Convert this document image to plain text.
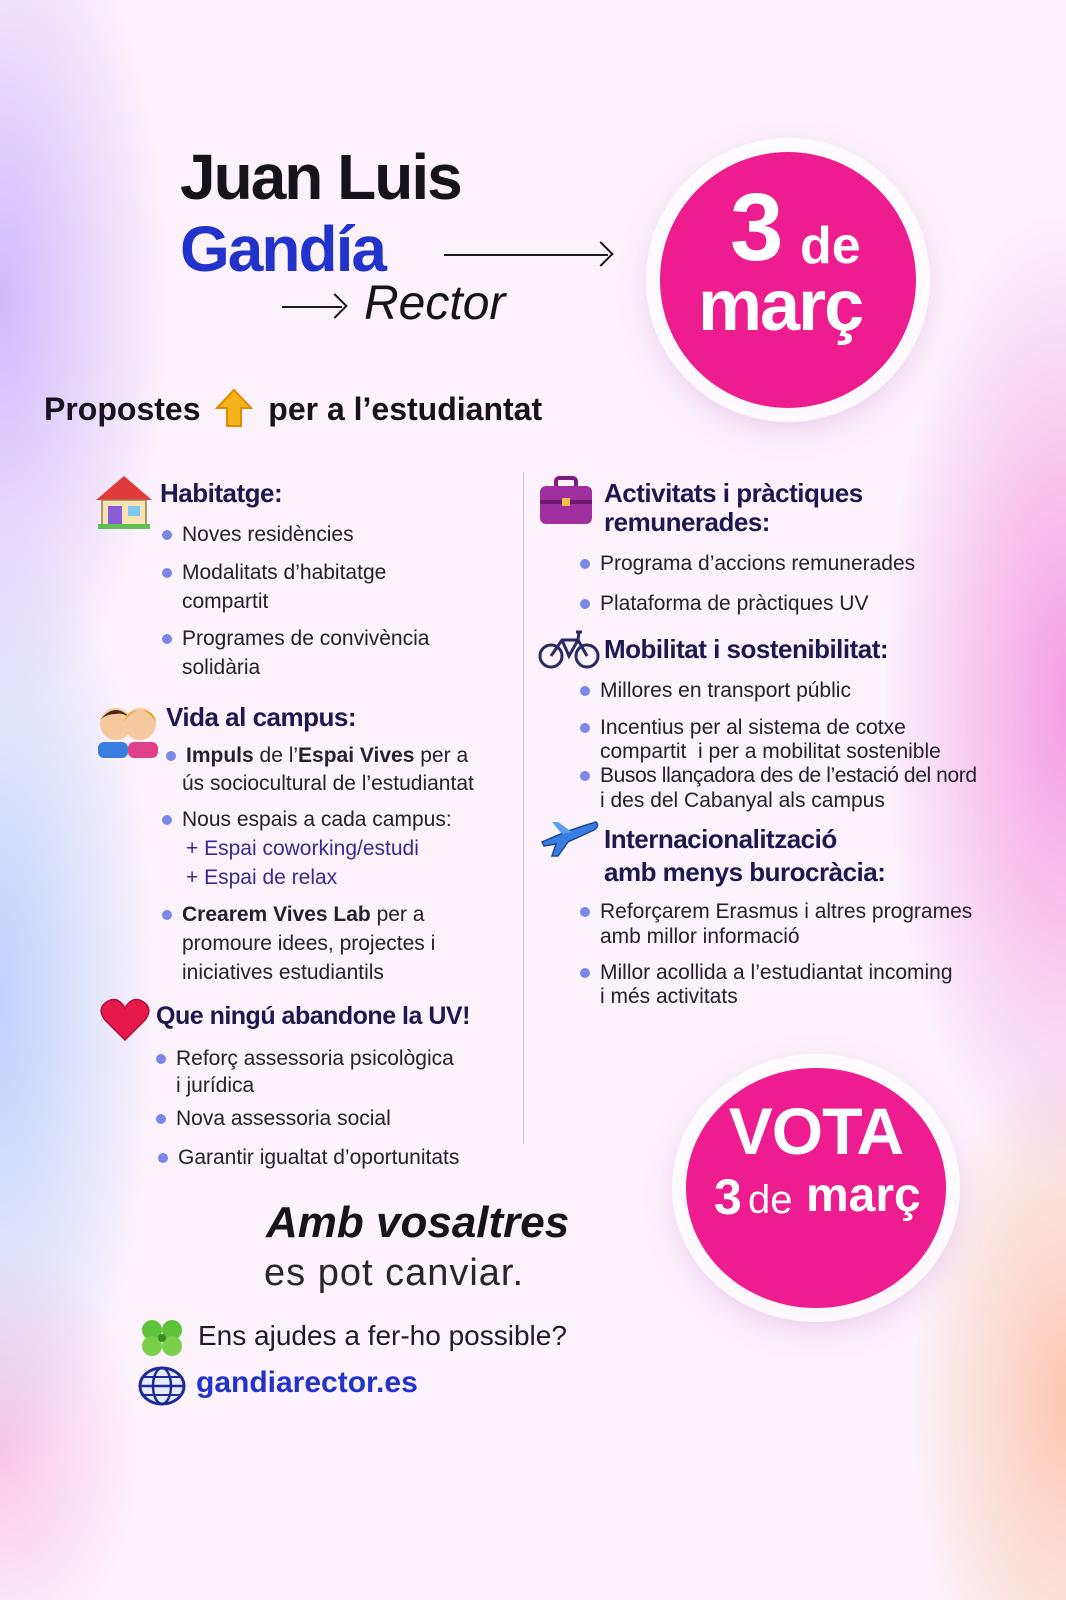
Juan Luis
Gandía
Rector
3 de
març
Propostes per a l’estudiantat
Habitatge:
Noves residències
Modalitats d’habitatge
compartit
Programes de convivència
solidària
Vida al campus:
Impuls de l’Espai Vives per a
ús sociocultural de l’estudiantat
Nous espais a cada campus:
+ Espai coworking/estudi
+ Espai de relax
Crearem Vives Lab per a
promoure idees, projectes i
iniciatives estudiantils
Que ningú abandone la UV!
Reforç assessoria psicològica
i jurídica
Nova assessoria social
Garantir igualtat d’oportunitats
Activitats i pràctiques
remunerades:
Programa d’accions remunerades
Plataforma de pràctiques UV
Mobilitat i sostenibilitat:
Millores en transport públic
Incentius per al sistema de cotxe
compartit  i per a mobilitat sostenible
Busos llançadora des de l’estació del nord
i des del Cabanyal als campus
Internacionalització
amb menys burocràcia:
Reforçarem Erasmus i altres programes
amb millor informació
Millor acollida a l’estudiantat incoming
i més activitats
VOTA
3 de març
Amb vosaltres
es pot canviar.
Ens ajudes a fer-ho possible?
gandiarector.es
